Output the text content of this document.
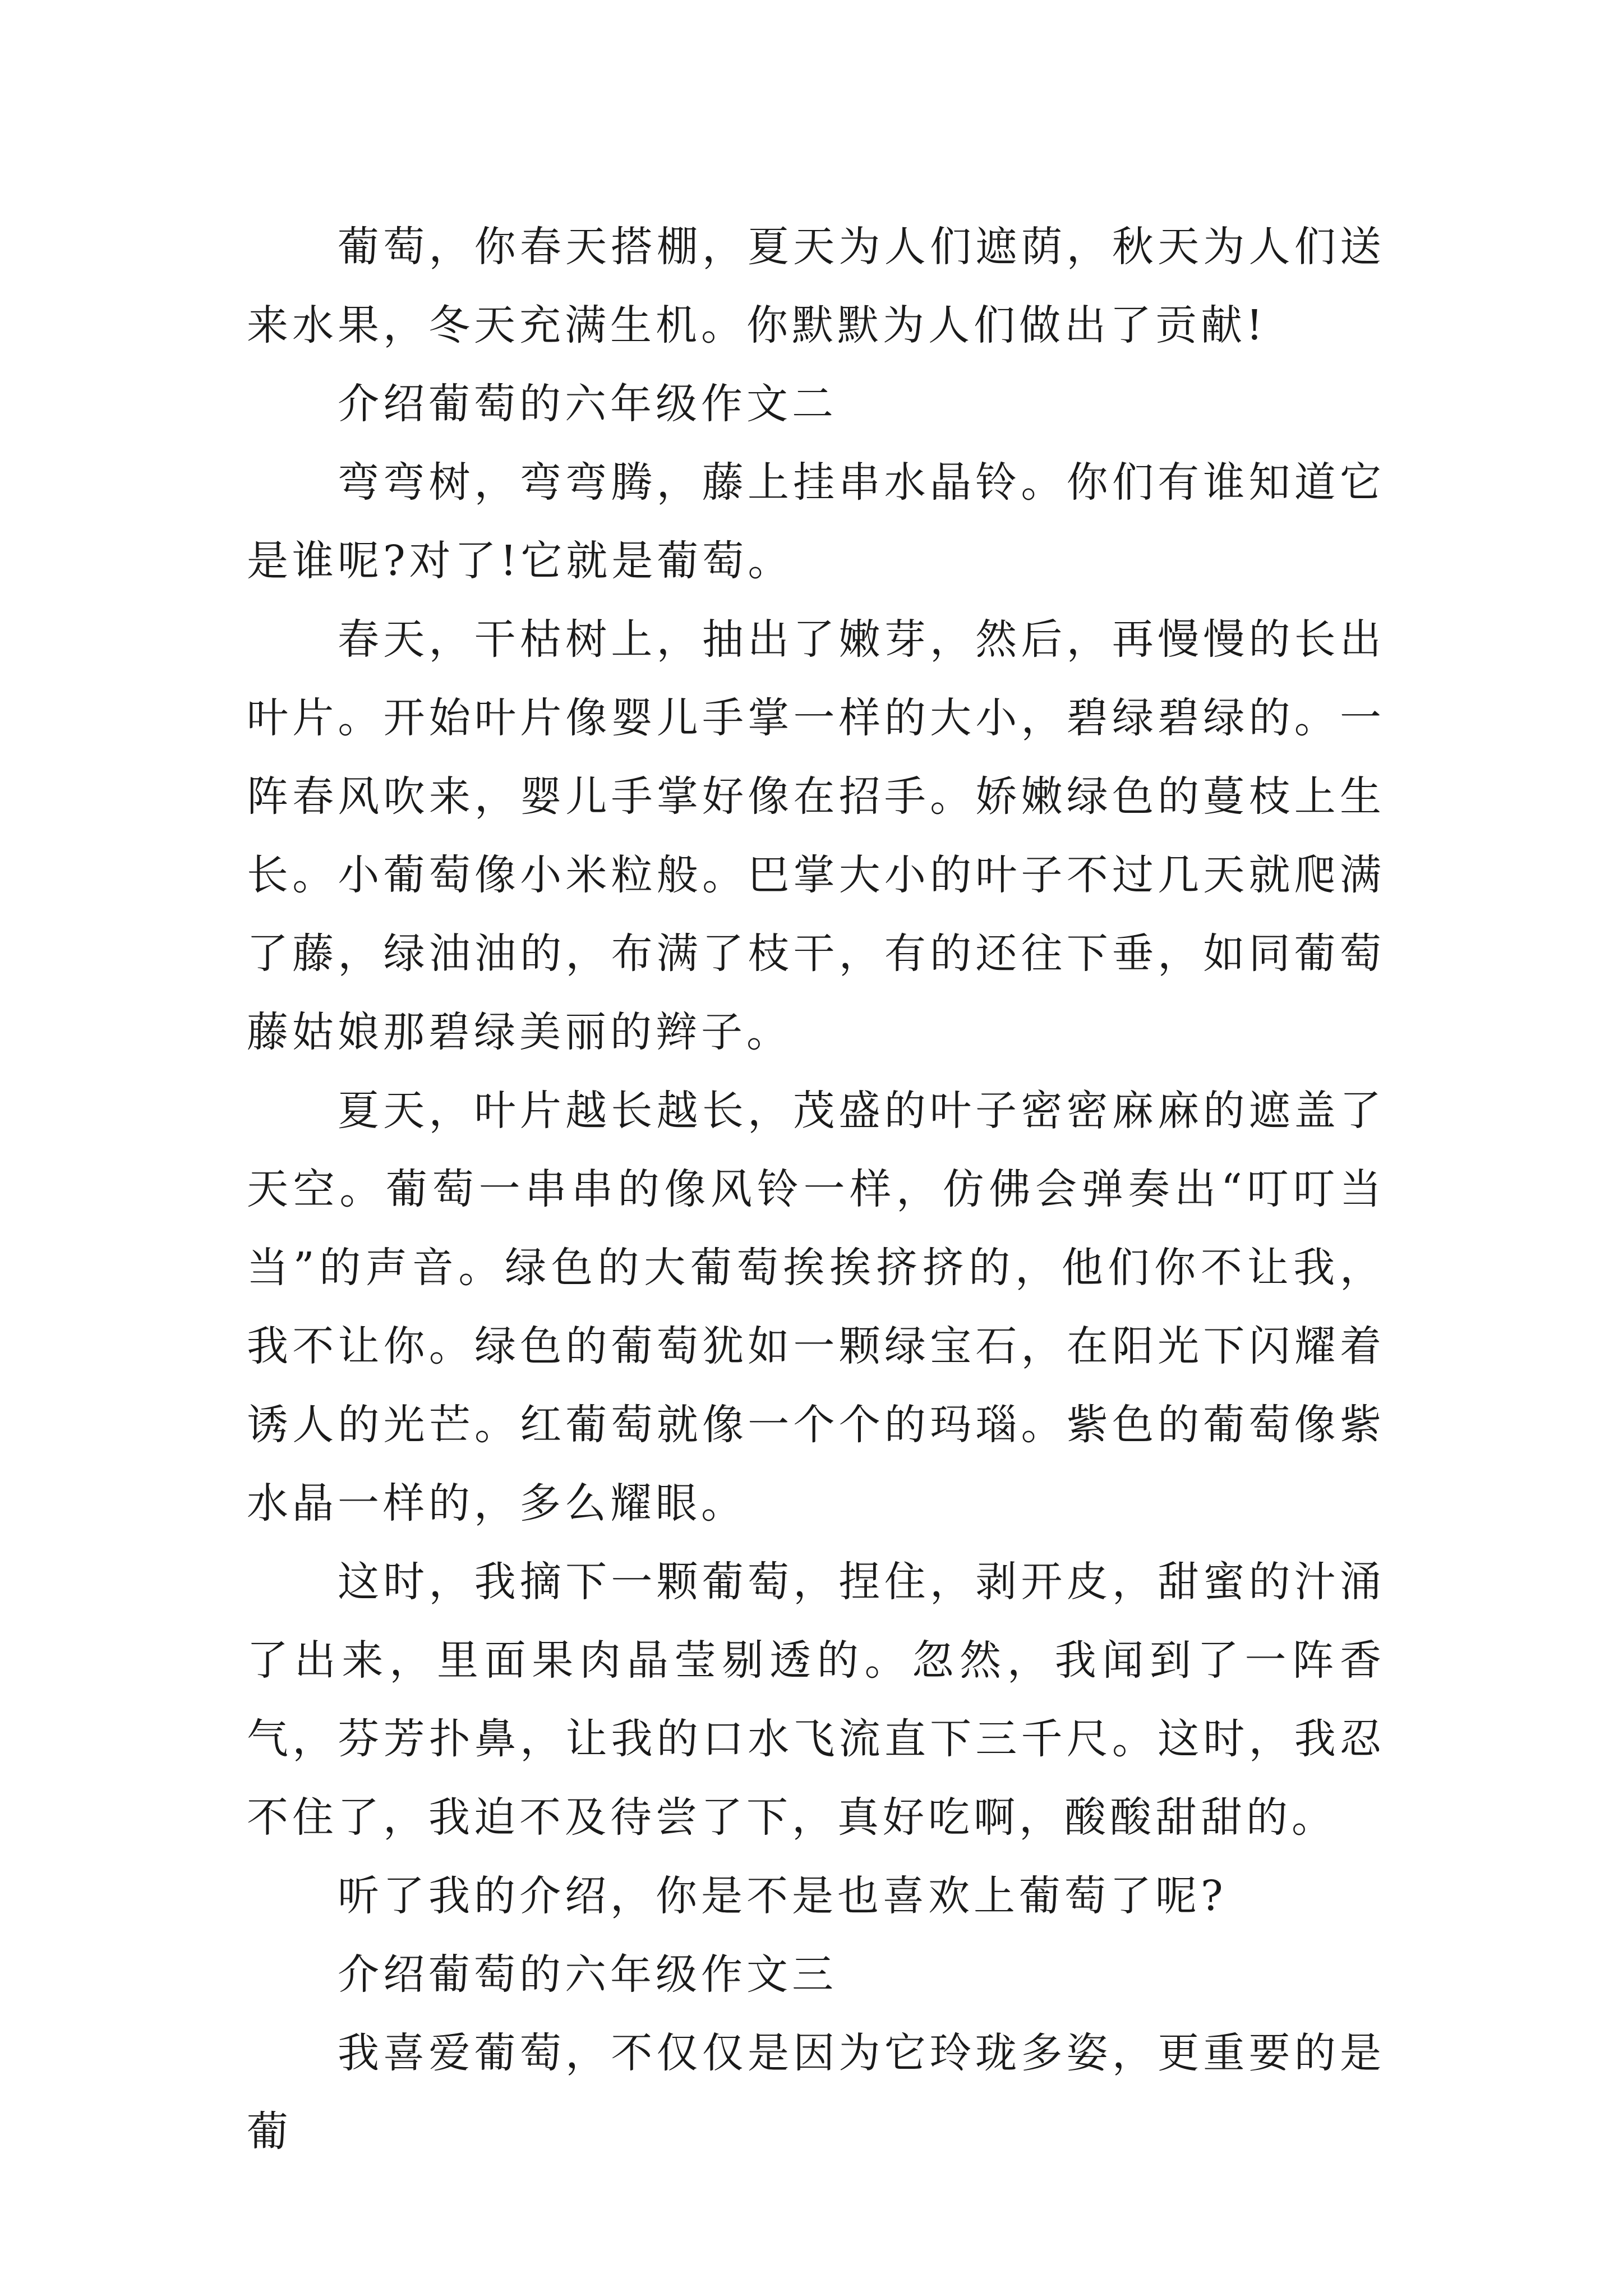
葡萄，你春天搭棚，夏天为人们遮荫，秋天为人们送来水果，冬天充满生机。你默默为人们做出了贡献!

介绍葡萄的六年级作文二

弯弯树，弯弯腾，藤上挂串水晶铃。你们有谁知道它是谁呢?对了!它就是葡萄。

春天，干枯树上，抽出了嫩芽，然后，再慢慢的长出叶片。开始叶片像婴儿手掌一样的大小，碧绿碧绿的。一阵春风吹来，婴儿手掌好像在招手。娇嫩绿色的蔓枝上生长。小葡萄像小米粒般。巴掌大小的叶子不过几天就爬满了藤，绿油油的，布满了枝干，有的还往下垂，如同葡萄藤姑娘那碧绿美丽的辫子。

夏天，叶片越长越长，茂盛的叶子密密麻麻的遮盖了天空。葡萄一串串的像风铃一样，仿佛会弹奏出“叮叮当当”的声音。绿色的大葡萄挨挨挤挤的，他们你不让我，我不让你。绿色的葡萄犹如一颗绿宝石，在阳光下闪耀着诱人的光芒。红葡萄就像一个个的玛瑙。紫色的葡萄像紫水晶一样的，多么耀眼。

这时，我摘下一颗葡萄，捏住，剥开皮，甜蜜的汁涌了出来，里面果肉晶莹剔透的。忽然，我闻到了一阵香气，芬芳扑鼻，让我的口水飞流直下三千尺。这时，我忍不住了，我迫不及待尝了下，真好吃啊，酸酸甜甜的。

听了我的介绍，你是不是也喜欢上葡萄了呢?

介绍葡萄的六年级作文三

我喜爱葡萄，不仅仅是因为它玲珑多姿，更重要的是葡
